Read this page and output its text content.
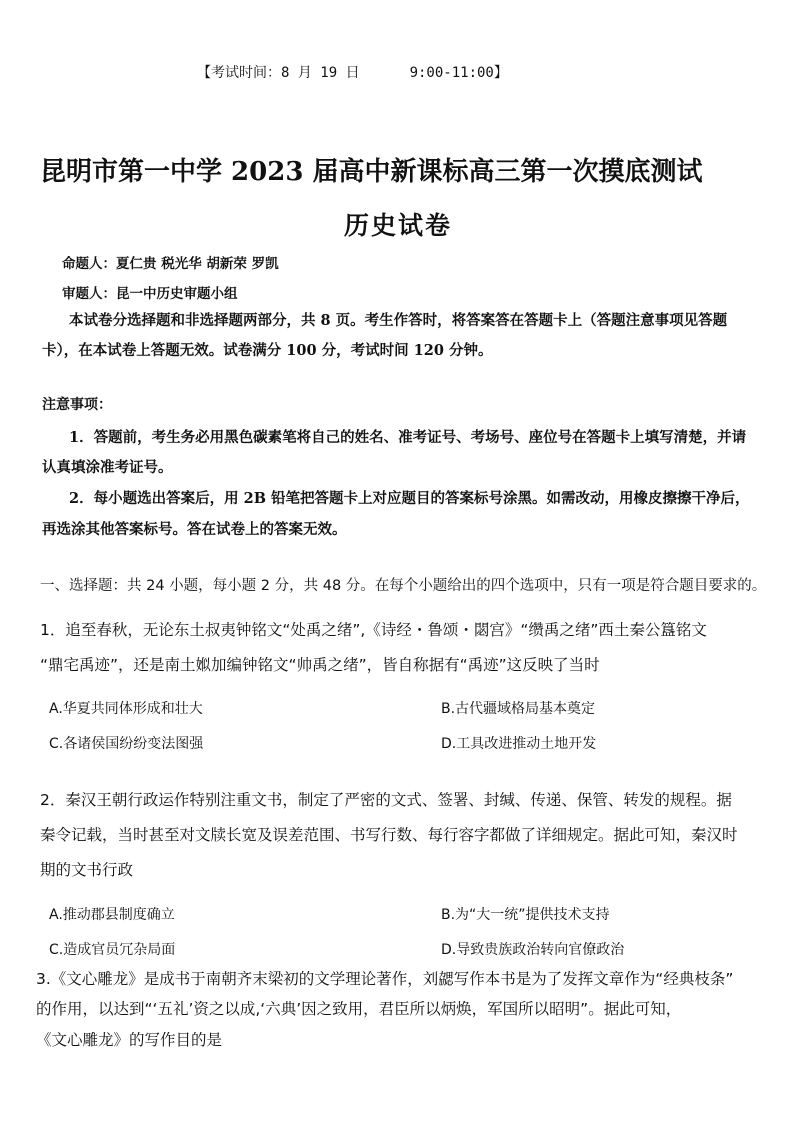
【考试时间：8 月 19 日	9:00-11:00】
昆明市第一中学 2023 届高中新课标高三第一次摸底测试
历史试卷
命题人：夏仁贵 税光华 胡新荣 罗凯
审题人：昆一中历史审题小组
本试卷分选择题和非选择题两部分，共 8 页。考生作答时，将答案答在答题卡上（答题注意事项见答题
卡），在本试卷上答题无效。试卷满分 100 分，考试时间 120 分钟。
注意事项：
1．答题前，考生务必用黑色碳素笔将自己的姓名、准考证号、考场号、座位号在答题卡上填写清楚，并请
认真填涂准考证号。
2．每小题选出答案后，用 2B 铅笔把答题卡上对应题目的答案标号涂黑。如需改动，用橡皮擦擦干净后，
再选涂其他答案标号。答在试卷上的答案无效。
一、选择题：共 24 小题，每小题 2 分，共 48 分。在每个小题给出的四个选项中，只有一项是符合题目要求的。
1．追至春秋，无论东土叔夷钟铭文“处禹之绪”,《诗经・鲁颂・閟宫》“缵禹之绪”西土秦公簋铭文
“鼎宅禹迹”，还是南土娰加编钟铭文“帅禹之绪”，皆自称据有“禹迹”这反映了当时
A.华夏共同体形成和壮大	B.古代疆域格局基本奠定
C.各诸侯国纷纷变法图强	D.工具改进推动土地开发
2．秦汉王朝行政运作特别注重文书，制定了严密的文式、签署、封缄、传递、保管、转发的规程。据
秦令记载，当时甚至对文牍长宽及误差范围、书写行数、每行容字都做了详细规定。据此可知，秦汉时
期的文书行政
A.推动郡县制度确立	B.为“大一统”提供技术支持
C.造成官员冗杂局面	D.导致贵族政治转向官僚政治
3.《文心雕龙》是成书于南朝齐末梁初的文学理论著作，刘勰写作本书是为了发挥文章作为“经典枝条”
的作用，以达到“‘五礼’资之以成,‘六典’因之致用，君臣所以炳焕，军国所以昭明”。据此可知，
《文心雕龙》的写作目的是
